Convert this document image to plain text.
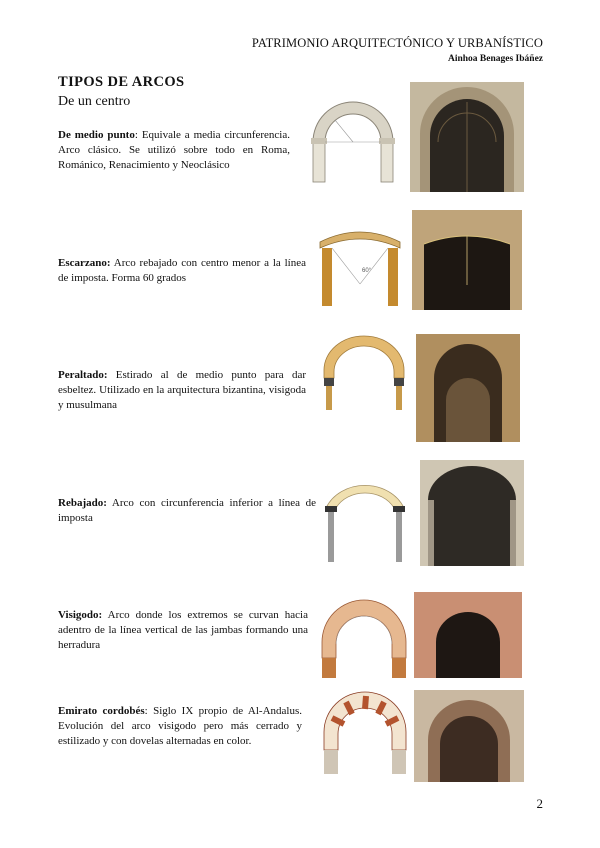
PATRIMONIO ARQUITECTÓNICO Y URBANÍSTICO
Ainhoa Benages Ibáñez
TIPOS DE ARCOS
De un centro
De medio punto: Equivale a media circunferencia. Arco clásico. Se utilizó sobre todo en Roma, Románico, Renacimiento y Neoclásico
Escarzano: Arco rebajado con centro menor a la línea de imposta. Forma 60 grados
Peraltado: Estirado al de medio punto para dar esbeltez. Utilizado en la arquitectura bizantina, visigoda y musulmana
Rebajado: Arco con circunferencia inferior a línea de imposta
Visigodo: Arco donde los extremos se curvan hacia adentro de la línea vertical de las jambas formando una herradura
Emirato cordobés: Siglo IX propio de Al-Andalus. Evolución del arco visigodo pero más cerrado y estilizado y con dovelas alternadas en color.
60°
2
